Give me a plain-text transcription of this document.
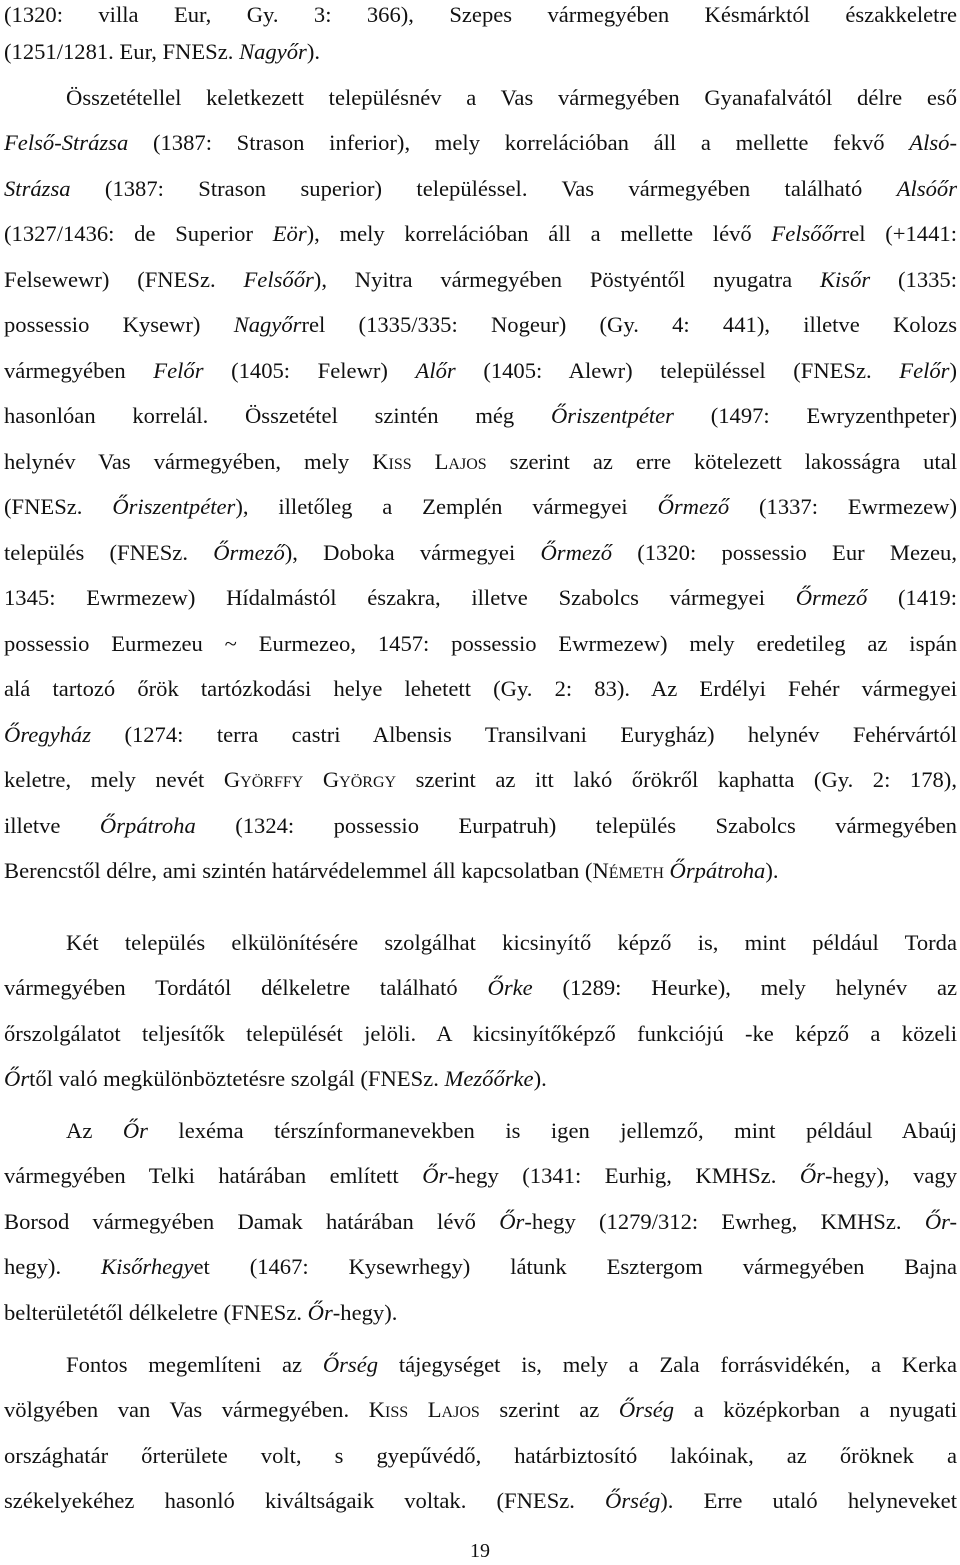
(1320: villa Eur, Gy. 3: 366), Szepes vármegyében Késmárktól északkeletre
(1251/1281. Eur, FNESz. Nagyőr).
Összetétellel keletkezett településnév a Vas vármegyében Gyanafalvától délre eső
Felső-Strázsa (1387: Strason inferior), mely korrelációban áll a mellette fekvő Alsó-
Strázsa (1387: Strason superior) településsel. Vas vármegyében található Alsóőr
(1327/1436: de Superior Eör), mely korrelációban áll a mellette lévő Felsőőrrel (+1441:
Felsewewr) (FNESz. Felsőőr), Nyitra vármegyében Pöstyéntől nyugatra Kisőr (1335:
possessio Kysewr) Nagyőrrel (1335/335: Nogeur) (Gy. 4: 441), illetve Kolozs
vármegyében Felőr (1405: Felewr) Alőr (1405: Alewr) településsel (FNESz. Felőr)
hasonlóan korrelál. Összetétel szintén még Őriszentpéter (1497: Ewryzenthpeter)
helynév Vas vármegyében, mely Kiss Lajos szerint az erre kötelezett lakosságra utal
(FNESz. Őriszentpéter), illetőleg a Zemplén vármegyei Őrmező (1337: Ewrmezew)
település (FNESz. Őrmező), Doboka vármegyei Őrmező (1320: possessio Eur Mezeu,
1345: Ewrmezew) Hídalmástól északra, illetve Szabolcs vármegyei Őrmező (1419:
possessio Eurmezeu ~ Eurmezeo, 1457: possessio Ewrmezew) mely eredetileg az ispán
alá tartozó őrök tartózkodási helye lehetett (Gy. 2: 83). Az Erdélyi Fehér vármegyei
Őregyház (1274: terra castri Albensis Transilvani Eurygház) helynév Fehérvártól
keletre, mely nevét Györffy György szerint az itt lakó őrökről kaphatta (Gy. 2: 178),
illetve Őrpátroha (1324: possessio Eurpatruh) település Szabolcs vármegyében
Berencstől délre, ami szintén határvédelemmel áll kapcsolatban (Németh Őrpátroha).
Két település elkülönítésére szolgálhat kicsinyítő képző is, mint például Torda
vármegyében Tordától délkeletre található Őrke (1289: Heurke), mely helynév az
őrszolgálatot teljesítők települését jelöli. A kicsinyítőképző funkciójú -ke képző a közeli
Őrtől való megkülönböztetésre szolgál (FNESz. Mezőőrke).
Az Őr lexéma térszínformanevekben is igen jellemző, mint például Abaúj
vármegyében Telki határában említett Őr-hegy (1341: Eurhig, KMHSz. Őr-hegy), vagy
Borsod vármegyében Damak határában lévő Őr-hegy (1279/312: Ewrheg, KMHSz. Őr-
hegy). Kisőrhegyet (1467: Kysewrhegy) látunk Esztergom vármegyében Bajna
belterületétől délkeletre (FNESz. Őr-hegy).
Fontos megemlíteni az Őrség tájegységet is, mely a Zala forrásvidékén, a Kerka
völgyében van Vas vármegyében. Kiss Lajos szerint az Őrség a középkorban a nyugati
országhatár őrterülete volt, s gyepűvédő, határbiztosító lakóinak, az őröknek a
székelyekéhez hasonló kiváltságaik voltak. (FNESz. Őrség). Erre utaló helyneveket
19
